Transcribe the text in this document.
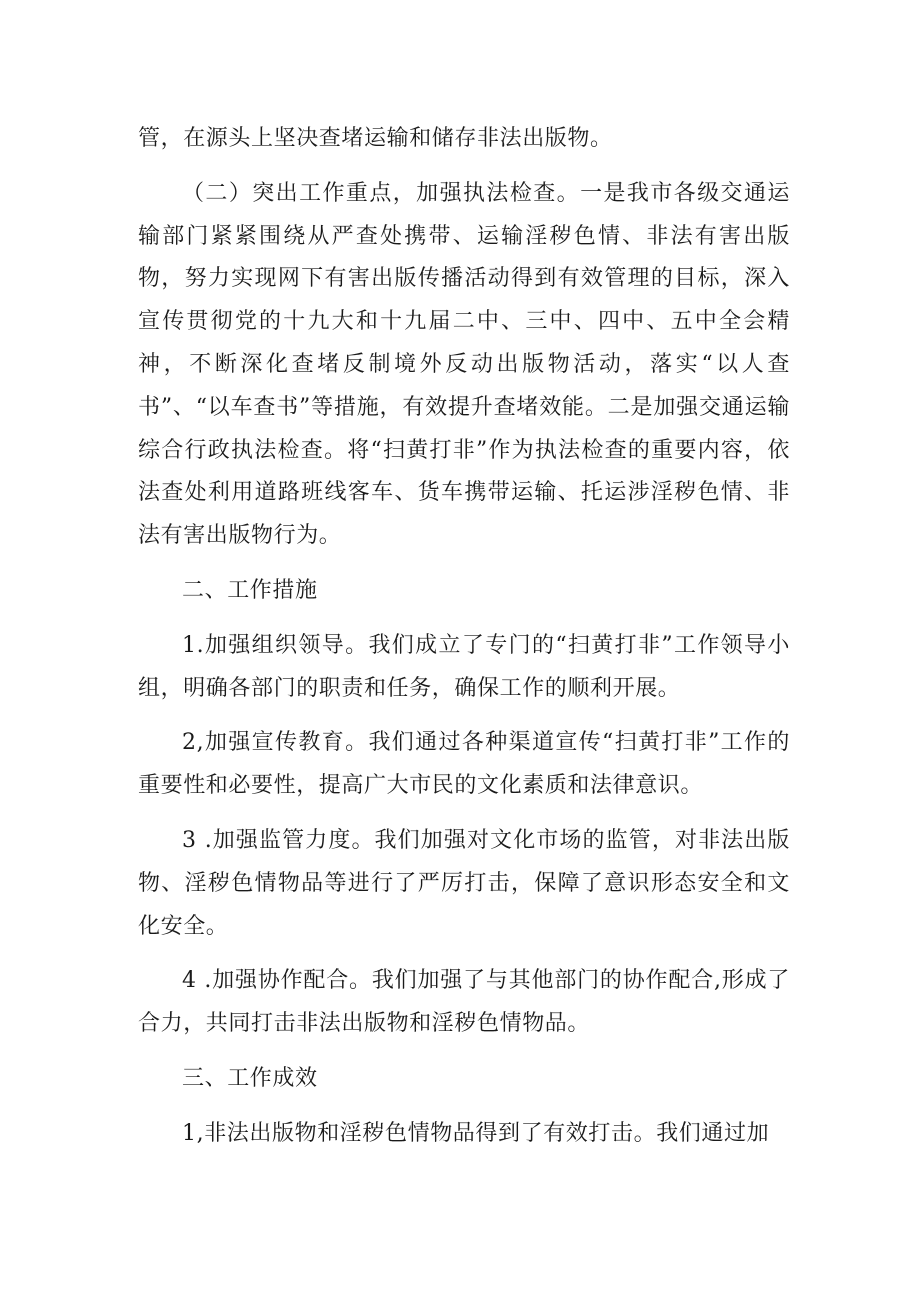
管，在源头上坚决查堵运输和储存非法出版物。

（二）突出工作重点，加强执法检查。一是我市各级交通运输部门紧紧围绕从严查处携带、运输淫秽色情、非法有害出版物，努力实现网下有害出版传播活动得到有效管理的目标，深入宣传贯彻党的十九大和十九届二中、三中、四中、五中全会精神，不断深化查堵反制境外反动出版物活动，落实“以人查书”、“以车查书”等措施，有效提升查堵效能。二是加强交通运输综合行政执法检查。将“扫黄打非”作为执法检查的重要内容，依法查处利用道路班线客车、货车携带运输、托运涉淫秽色情、非法有害出版物行为。

二、工作措施

1.加强组织领导。我们成立了专门的“扫黄打非”工作领导小组，明确各部门的职责和任务，确保工作的顺利开展。

2,加强宣传教育。我们通过各种渠道宣传“扫黄打非”工作的重要性和必要性，提高广大市民的文化素质和法律意识。

3 .加强监管力度。我们加强对文化市场的监管，对非法出版物、淫秽色情物品等进行了严厉打击，保障了意识形态安全和文化安全。

4 .加强协作配合。我们加强了与其他部门的协作配合,形成了合力，共同打击非法出版物和淫秽色情物品。

三、工作成效

1,非法出版物和淫秽色情物品得到了有效打击。我们通过加
